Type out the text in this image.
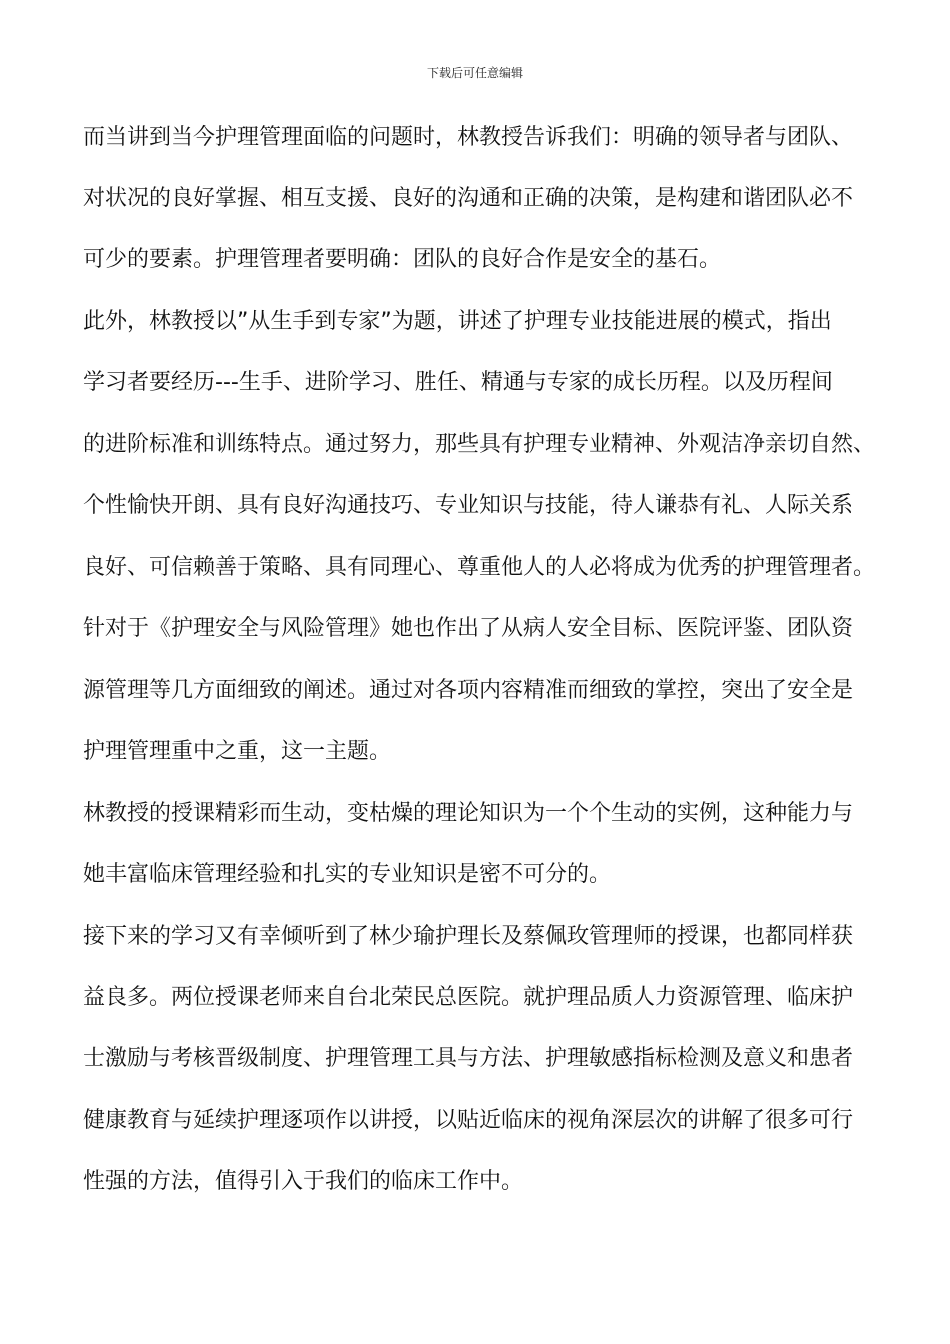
下载后可任意编辑
而当讲到当今护理管理面临的问题时，林教授告诉我们：明确的领导者与团队、
对状况的良好掌握、相互支援、良好的沟通和正确的决策，是构建和谐团队必不
可少的要素。护理管理者要明确：团队的良好合作是安全的基石。
此外，林教授以”从生手到专家”为题，讲述了护理专业技能进展的模式，指出
学习者要经历---生手、进阶学习、胜任、精通与专家的成长历程。以及历程间
的进阶标准和训练特点。通过努力，那些具有护理专业精神、外观洁净亲切自然、
个性愉快开朗、具有良好沟通技巧、专业知识与技能，待人谦恭有礼、人际关系
良好、可信赖善于策略、具有同理心、尊重他人的人必将成为优秀的护理管理者。
针对于《护理安全与风险管理》她也作出了从病人安全目标、医院评鉴、团队资
源管理等几方面细致的阐述。通过对各项内容精准而细致的掌控，突出了安全是
护理管理重中之重，这一主题。
林教授的授课精彩而生动，变枯燥的理论知识为一个个生动的实例，这种能力与
她丰富临床管理经验和扎实的专业知识是密不可分的。
接下来的学习又有幸倾听到了林少瑜护理长及蔡佩玫管理师的授课，也都同样获
益良多。两位授课老师来自台北荣民总医院。就护理品质人力资源管理、临床护
士激励与考核晋级制度、护理管理工具与方法、护理敏感指标检测及意义和患者
健康教育与延续护理逐项作以讲授，以贴近临床的视角深层次的讲解了很多可行
性强的方法，值得引入于我们的临床工作中。
